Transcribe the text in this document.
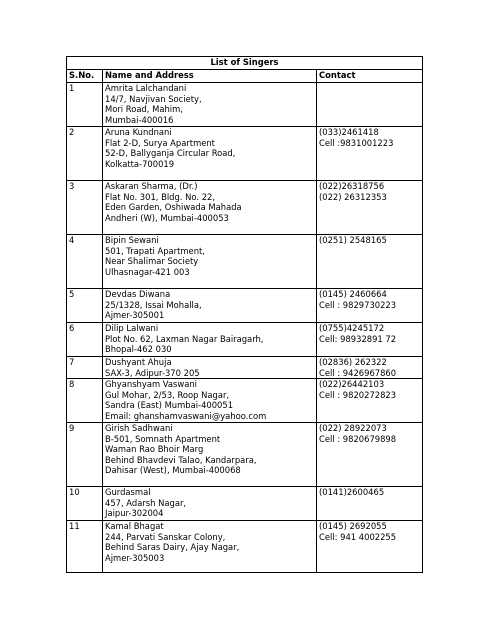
List of Singers		
S.No.	Name and Address	Contact
1	Amrita Lalchandani
14/7, Navjivan Society,
Mori Road, Mahim,
Mumbai-400016	

2	Aruna Kundnani
Flat 2-D, Surya Apartment
52-D, Ballyganja Circular Road,
Kolkatta-700019	(033)2461418
Cell :9831001223

3	Askaran Sharma, (Dr.)
Flat No. 301, Bldg. No. 22,
Eden Garden, Oshiwada Mahada
Andheri (W), Mumbai-400053	(022)26318756
(022) 26312353

4	Bipin Sewani
501, Trapati Apartment,
Near Shalimar Society
Ulhasnagar-421 003	(0251) 2548165

5	Devdas Diwana
25/1328, Issai Mohalla,
Ajmer-305001	(0145) 2460664
Cell : 9829730223

6	Dilip Lalwani
Plot No. 62, Laxman Nagar Bairagarh,
Bhopal-462 030	(0755)4245172
Cell: 98932891 72

7	Dushyant Ahuja
SAX-3, Adipur-370 205	(02836) 262322
Cell : 9426967860

8	Ghyanshyam Vaswani
Gul Mohar, 2/53, Roop Nagar,
Sandra (East) Mumbai-400051
Email: ghanshamvaswani@yahoo.com	(022)26442103
Cell : 9820272823

9	Girish Sadhwani
B-501, Somnath Apartment
Waman Rao Bhoir Marg
Behind Bhavdevi Talao, Kandarpara,
Dahisar (West), Mumbai-400068	(022) 28922073
Cell : 9820679898

10	Gurdasmal
457, Adarsh Nagar,
Jaipur-302004	(0141)2600465

11	Kamal Bhagat
244, Parvati Sanskar Colony,
Behind Saras Dairy, Ajay Nagar,
Ajmer-305003	(0145) 2692055
Cell: 941 4002255
